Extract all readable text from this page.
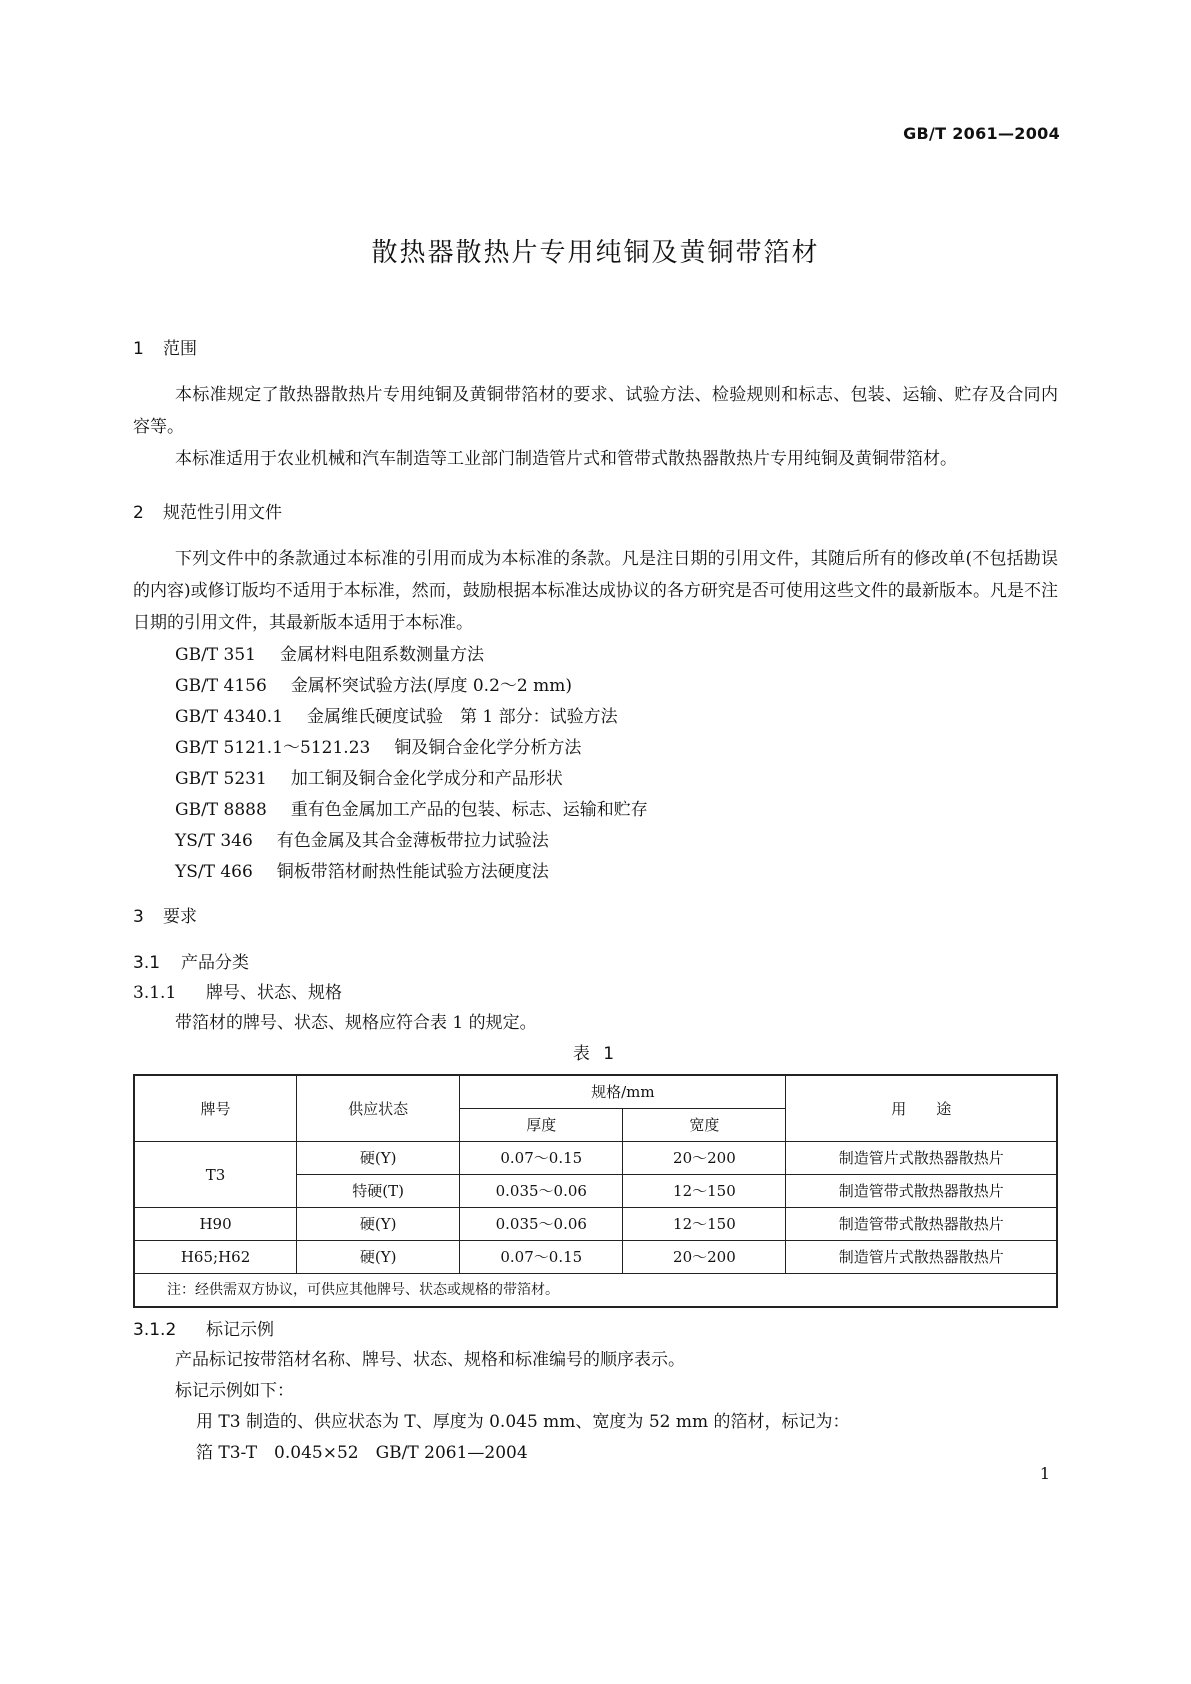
GB/T 2061—2004
散热器散热片专用纯铜及黄铜带箔材
1 范围

本标准规定了散热器散热片专用纯铜及黄铜带箔材的要求、试验方法、检验规则和标志、包装、运输、贮存及合同内容等。

本标准适用于农业机械和汽车制造等工业部门制造管片式和管带式散热器散热片专用纯铜及黄铜带箔材。

2 规范性引用文件

下列文件中的条款通过本标准的引用而成为本标准的条款。凡是注日期的引用文件，其随后所有的修改单(不包括勘误的内容)或修订版均不适用于本标准，然而，鼓励根据本标准达成协议的各方研究是否可使用这些文件的最新版本。凡是不注日期的引用文件，其最新版本适用于本标准。

GB/T 351 金属材料电阻系数测量方法
GB/T 4156 金属杯突试验方法(厚度 0.2～2 mm)
GB/T 4340.1 金属维氏硬度试验　第 1 部分：试验方法
GB/T 5121.1～5121.23 铜及铜合金化学分析方法
GB/T 5231 加工铜及铜合金化学成分和产品形状
GB/T 8888 重有色金属加工产品的包装、标志、运输和贮存
YS/T 346 有色金属及其合金薄板带拉力试验法
YS/T 466 铜板带箔材耐热性能试验方法硬度法
3 要求
3.1 产品分类
3.1.1 牌号、状态、规格
带箔材的牌号、状态、规格应符合表 1 的规定。
表 1
牌号	供应状态	规格/mm		用　　途
		厚度	宽度	
T3	硬(Y)	0.07～0.15	20～200	制造管片式散热器散热片
	特硬(T)	0.035～0.06	12～150	制造管带式散热器散热片
H90	硬(Y)	0.035～0.06	12～150	制造管带式散热器散热片
H65;H62	硬(Y)	0.07～0.15	20～200	制造管片式散热器散热片
注：经供需双方协议，可供应其他牌号、状态或规格的带箔材。				
3.1.2 标记示例
产品标记按带箔材名称、牌号、状态、规格和标准编号的顺序表示。
标记示例如下：
用 T3 制造的、供应状态为 T、厚度为 0.045 mm、宽度为 52 mm 的箔材，标记为：
箔 T3-T　0.045×52　GB/T 2061—2004
1
